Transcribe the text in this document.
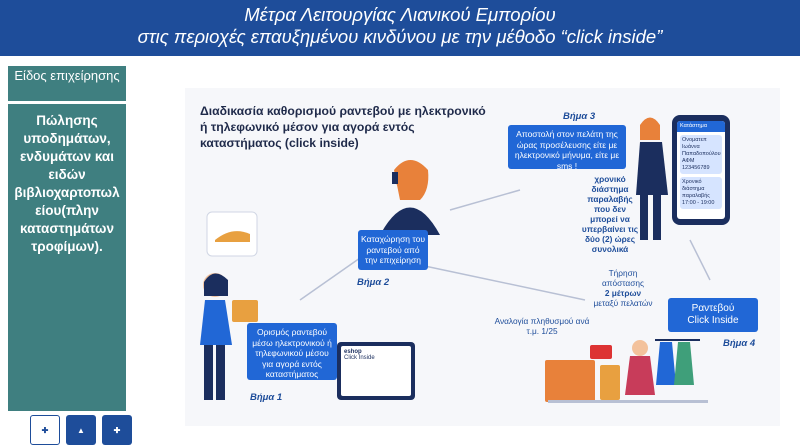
Μέτρα Λειτουργίας Λιανικού Εμπορίου
στις περιοχές επαυξημένου κινδύνου με την μέθοδο “click inside”
Είδος επιχείρησης
Πώλησης υποδημάτων, ενδυμάτων και ειδών βιβλιοχαρτοπωλείου(πλην καταστημάτων τροφίμων).
✚	▲	✚
Διαδικασία καθορισμού ραντεβού με ηλεκτρονικό ή τηλεφωνικό μέσον για αγορά εντός καταστήματος (click inside)
Ορισμός ραντεβού μέσω ηλεκτρονικού ή τηλεφωνικού μέσου για αγορά εντός καταστήματος
Βήμα 1
eshop
Click Inside
Καταχώρηση του ραντεβού από την επιχείρηση
Βήμα 2
Βήμα 3
Αποστολή στον πελάτη της ώρας προσέλευσης είτε με ηλεκτρονικό μήνυμα, είτε με sms !
χρονικό διάστημα παραλαβής που δεν μπορεί να υπερβαίνει τις δύο (2) ώρες συνολικά
Κατάστημα
Ονοματεπ
Ιωάννα
Παπαδοπούλου
ΑΦΜ
123456789
Χρονικό διάστημα παραλαβής
17:00 - 19:00
Τήρηση απόστασης
2 μέτρων
μεταξύ πελατών
Αναλογία πληθυσμού ανά τ.μ. 1/25
Ραντεβού
Click Inside
Βήμα 4
